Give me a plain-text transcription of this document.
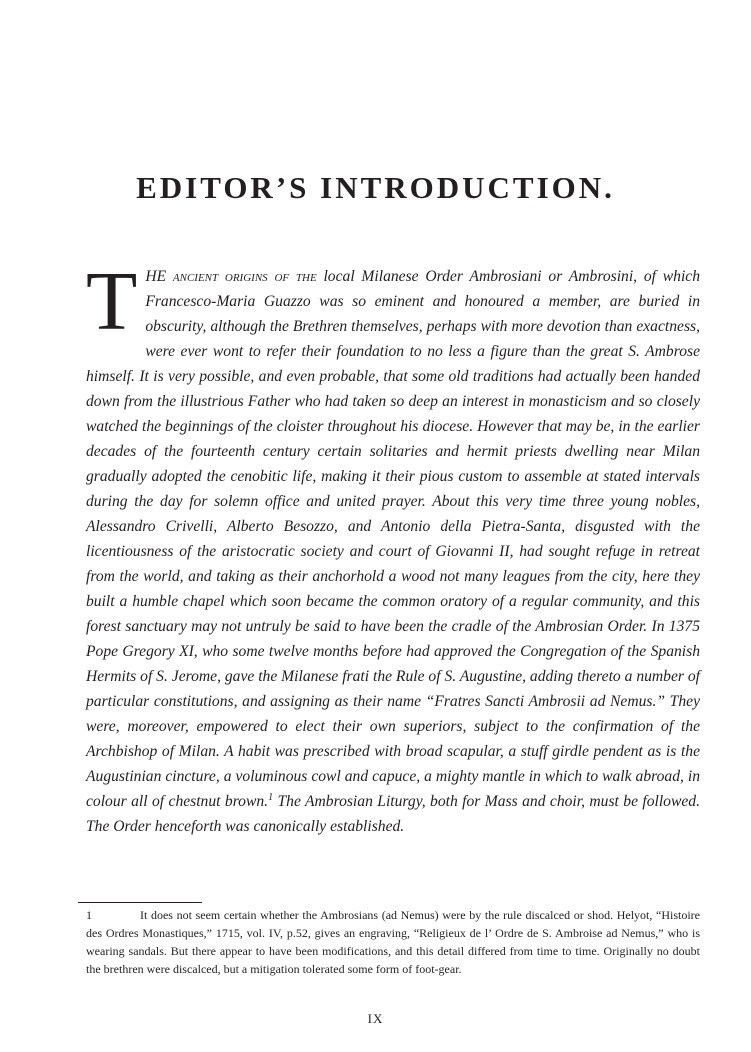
EDITOR’S INTRODUCTION.

THE ancient origins of the local Milanese Order Ambrosiani or Ambrosini, of which Francesco-Maria Guazzo was so eminent and honoured a member, are buried in obscurity, although the Brethren themselves, perhaps with more devotion than exactness, were ever wont to refer their foundation to no less a figure than the great S. Ambrose himself. It is very possible, and even probable, that some old traditions had actually been handed down from the illustrious Father who had taken so deep an interest in monasticism and so closely watched the beginnings of the cloister throughout his diocese. However that may be, in the earlier decades of the fourteenth century certain solitaries and hermit priests dwelling near Milan gradually adopted the cenobitic life, making it their pious custom to assemble at stated intervals during the day for solemn office and united prayer. About this very time three young nobles, Alessandro Crivelli, Alberto Besozzo, and Antonio della Pietra-Santa, disgusted with the licentiousness of the aristocratic society and court of Giovanni II, had sought refuge in retreat from the world, and taking as their anchorhold a wood not many leagues from the city, here they built a humble chapel which soon became the common oratory of a regular community, and this forest sanctuary may not untruly be said to have been the cradle of the Ambrosian Order. In 1375 Pope Gregory XI, who some twelve months before had approved the Congregation of the Spanish Hermits of S. Jerome, gave the Milanese frati the Rule of S. Augustine, adding thereto a number of particular constitutions, and assigning as their name “Fratres Sancti Ambrosii ad Nemus.” They were, moreover, empowered to elect their own superiors, subject to the confirmation of the Archbishop of Milan. A habit was prescribed with broad scapular, a stuff girdle pendent as is the Augustinian cincture, a voluminous cowl and capuce, a mighty mantle in which to walk abroad, in colour all of chestnut brown.$^1$ The Ambrosian Liturgy, both for Mass and choir, must be followed. The Order henceforth was canonically established.

1	It does not seem certain whether the Ambrosians (ad Nemus) were by the rule discalced or shod. Helyot, “Histoire des Ordres Monastiques,” 1715, vol. IV, p.52, gives an engraving, “Religieux de l’ Ordre de S. Ambroise ad Nemus,” who is wearing sandals. But there appear to have been modifications, and this detail differed from time to time. Originally no doubt the brethren were discalced, but a mitigation tolerated some form of foot-gear.

IX
